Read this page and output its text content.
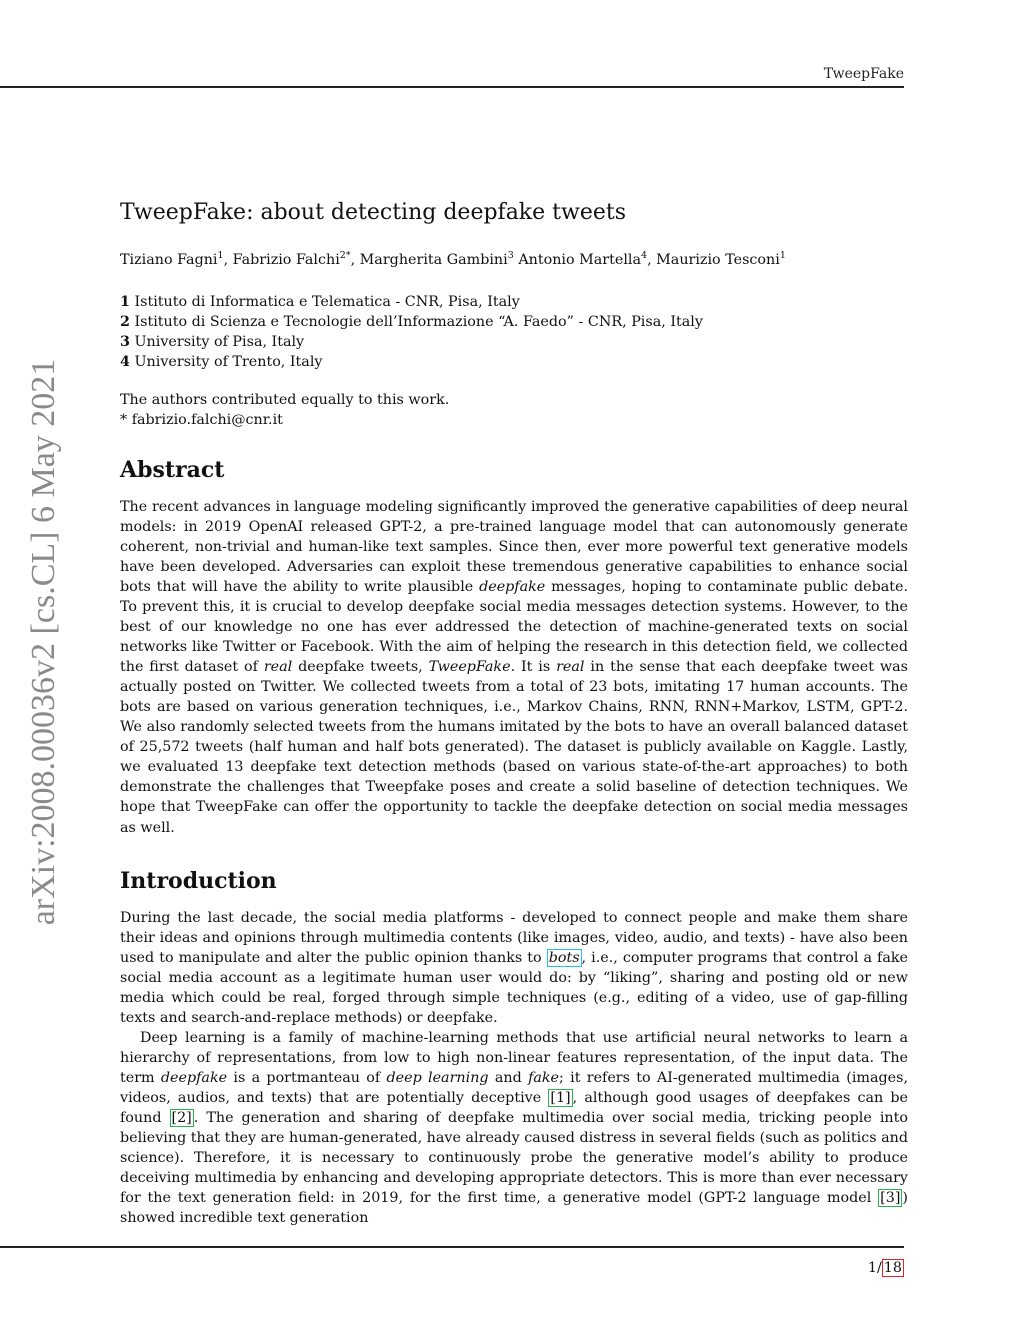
TweepFake
arXiv:2008.00036v2 [cs.CL] 6 May 2021
TweepFake: about detecting deepfake tweets
Tiziano Fagni$^1$, Fabrizio Falchi$^{2*}$, Margherita Gambini$^3$ Antonio Martella$^4$, Maurizio Tesconi$^1$
1 Istituto di Informatica e Telematica - CNR, Pisa, Italy
2 Istituto di Scienza e Tecnologie dell’Informazione “A. Faedo” - CNR, Pisa, Italy
3 University of Pisa, Italy
4 University of Trento, Italy
The authors contributed equally to this work.
* fabrizio.falchi@cnr.it
Abstract

The recent advances in language modeling significantly improved the generative capabilities of deep neural models: in 2019 OpenAI released GPT-2, a pre-trained language model that can autonomously generate coherent, non-trivial and human-like text samples. Since then, ever more powerful text generative models have been developed. Adversaries can exploit these tremendous generative capabilities to enhance social bots that will have the ability to write plausible deepfake messages, hoping to contaminate public debate. To prevent this, it is crucial to develop deepfake social media messages detection systems. However, to the best of our knowledge no one has ever addressed the detection of machine-generated texts on social networks like Twitter or Facebook. With the aim of helping the research in this detection field, we collected the first dataset of real deepfake tweets, TweepFake. It is real in the sense that each deepfake tweet was actually posted on Twitter. We collected tweets from a total of 23 bots, imitating 17 human accounts. The bots are based on various generation techniques, i.e., Markov Chains, RNN, RNN+Markov, LSTM, GPT-2. We also randomly selected tweets from the humans imitated by the bots to have an overall balanced dataset of 25,572 tweets (half human and half bots generated). The dataset is publicly available on Kaggle. Lastly, we evaluated 13 deepfake text detection methods (based on various state-of-the-art approaches) to both demonstrate the challenges that Tweepfake poses and create a solid baseline of detection techniques. We hope that TweepFake can offer the opportunity to tackle the deepfake detection on social media messages as well.

Introduction

During the last decade, the social media platforms - developed to connect people and make them share their ideas and opinions through multimedia contents (like images, video, audio, and texts) - have also been used to manipulate and alter the public opinion thanks to bots , i.e., computer programs that control a fake social media account as a legitimate human user would do: by “liking”, sharing and posting old or new media which could be real, forged through simple techniques (e.g., editing of a video, use of gap-filling texts and search-and-replace methods) or deepfake.

Deep learning is a family of machine-learning methods that use artificial neural networks to learn a hierarchy of representations, from low to high non-linear features representation, of the input data. The term deepfake is a portmanteau of deep learning and fake; it refers to AI-generated multimedia (images, videos, audios, and texts) that are potentially deceptive [1] , although good usages of deepfakes can be found [2] . The generation and sharing of deepfake multimedia over social media, tricking people into believing that they are human-generated, have already caused distress in several fields (such as politics and science). Therefore, it is necessary to continuously probe the generative model’s ability to produce deceiving multimedia by enhancing and developing appropriate detectors. This is more than ever necessary for the text generation field: in 2019, for the first time, a generative model (GPT-2 language model [3] ) showed incredible text generation

1/ 18
